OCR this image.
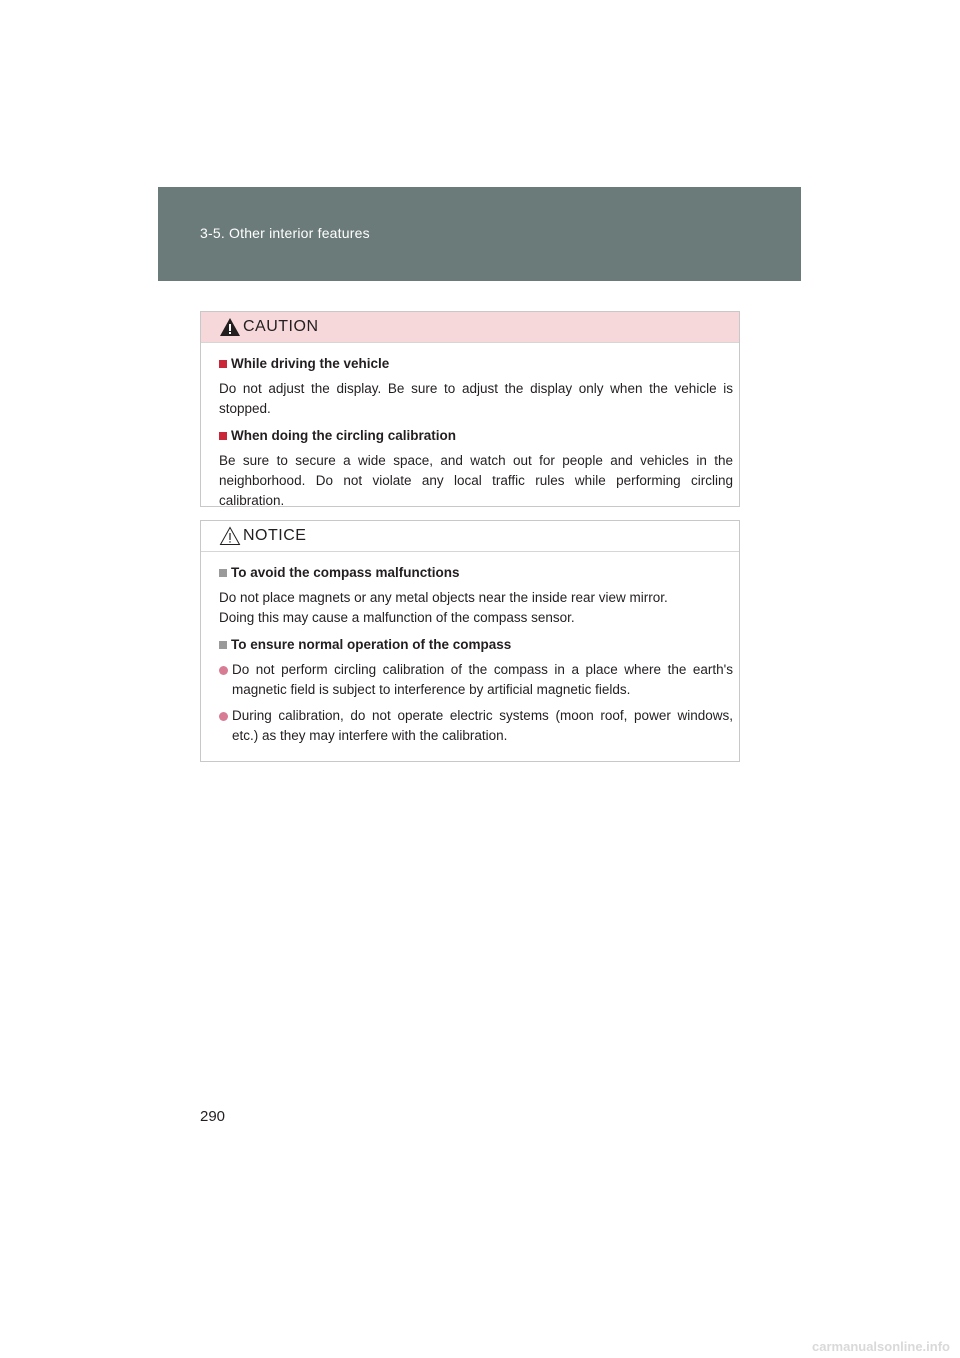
3-5. Other interior features
CAUTION
While driving the vehicle

Do not adjust the display. Be sure to adjust the display only when the vehicle is stopped.

When doing the circling calibration

Be sure to secure a wide space, and watch out for people and vehicles in the neighborhood. Do not violate any local traffic rules while performing circling calibration.

NOTICE
To avoid the compass malfunctions

Do not place magnets or any metal objects near the inside rear view mirror.

Doing this may cause a malfunction of the compass sensor.

To ensure normal operation of the compass

Do not perform circling calibration of the compass in a place where the earth's magnetic field is subject to interference by artificial magnetic fields.

During calibration, do not operate electric systems (moon roof, power windows, etc.) as they may interfere with the calibration.

290
carmanualsonline.info
